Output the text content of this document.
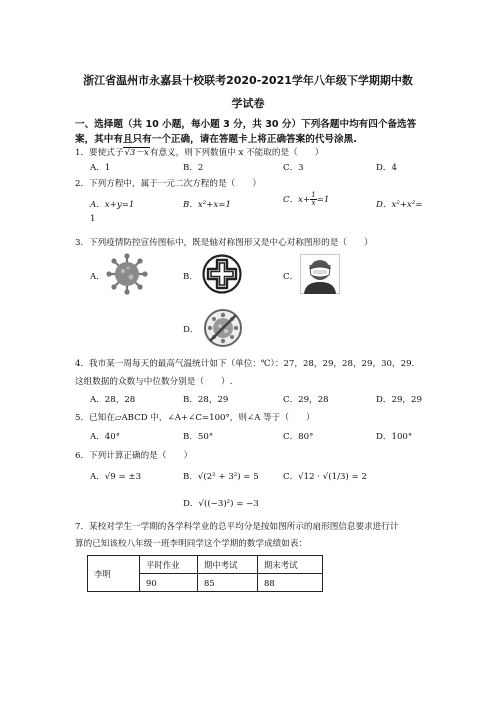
浙江省温州市永嘉县十校联考2020-2021学年八年级下学期期中数
学试卷
一、选择题（共 10 小题，每小题 3 分，共 30 分）下列各题中均有四个备选答
案，其中有且只有一个正确，请在答题卡上将正确答案的代号涂黑.
1．要使式子√3－x有意义，则下列数值中 x 不能取的是（　　）
A．1	B．2	C．3	D．4
2．下列方程中，属于一元二次方程的是（　　）
A．x+y=1	B．x²+x=1	C．$x+ \frac{1}{x} =1$	D．x²+x²=
1
3．下列疫情防控宣传图标中，既是轴对称图形又是中心对称图形的是（　　）
A．	B．	C．
D．
4．我市某一周每天的最高气温统计如下（单位：℃）：27，28，29，28，29，30，29.
这组数据的众数与中位数分别是（　　）.
A．28，28	B．28，29	C．29，28	D．29，29
5．已知在▱ABCD 中，∠A+∠C=100°，则∠A 等于（　　）
A．40°	B．50°	C．80°	D．100°
6．下列计算正确的是（　　）
A．√9 = ±3	B．√(2² + 3²) = 5	C．√12 · √(1/3) = 2
D．√((−3)²) = −3
7．某校对学生一学期的各学科学业的总平均分是按如图所示的扇形图信息要求进行计
算的已知该校八年级一班李明同学这个学期的数学成绩如表：
李明	平时作业	期中考试	期末考试
	90	85	88
